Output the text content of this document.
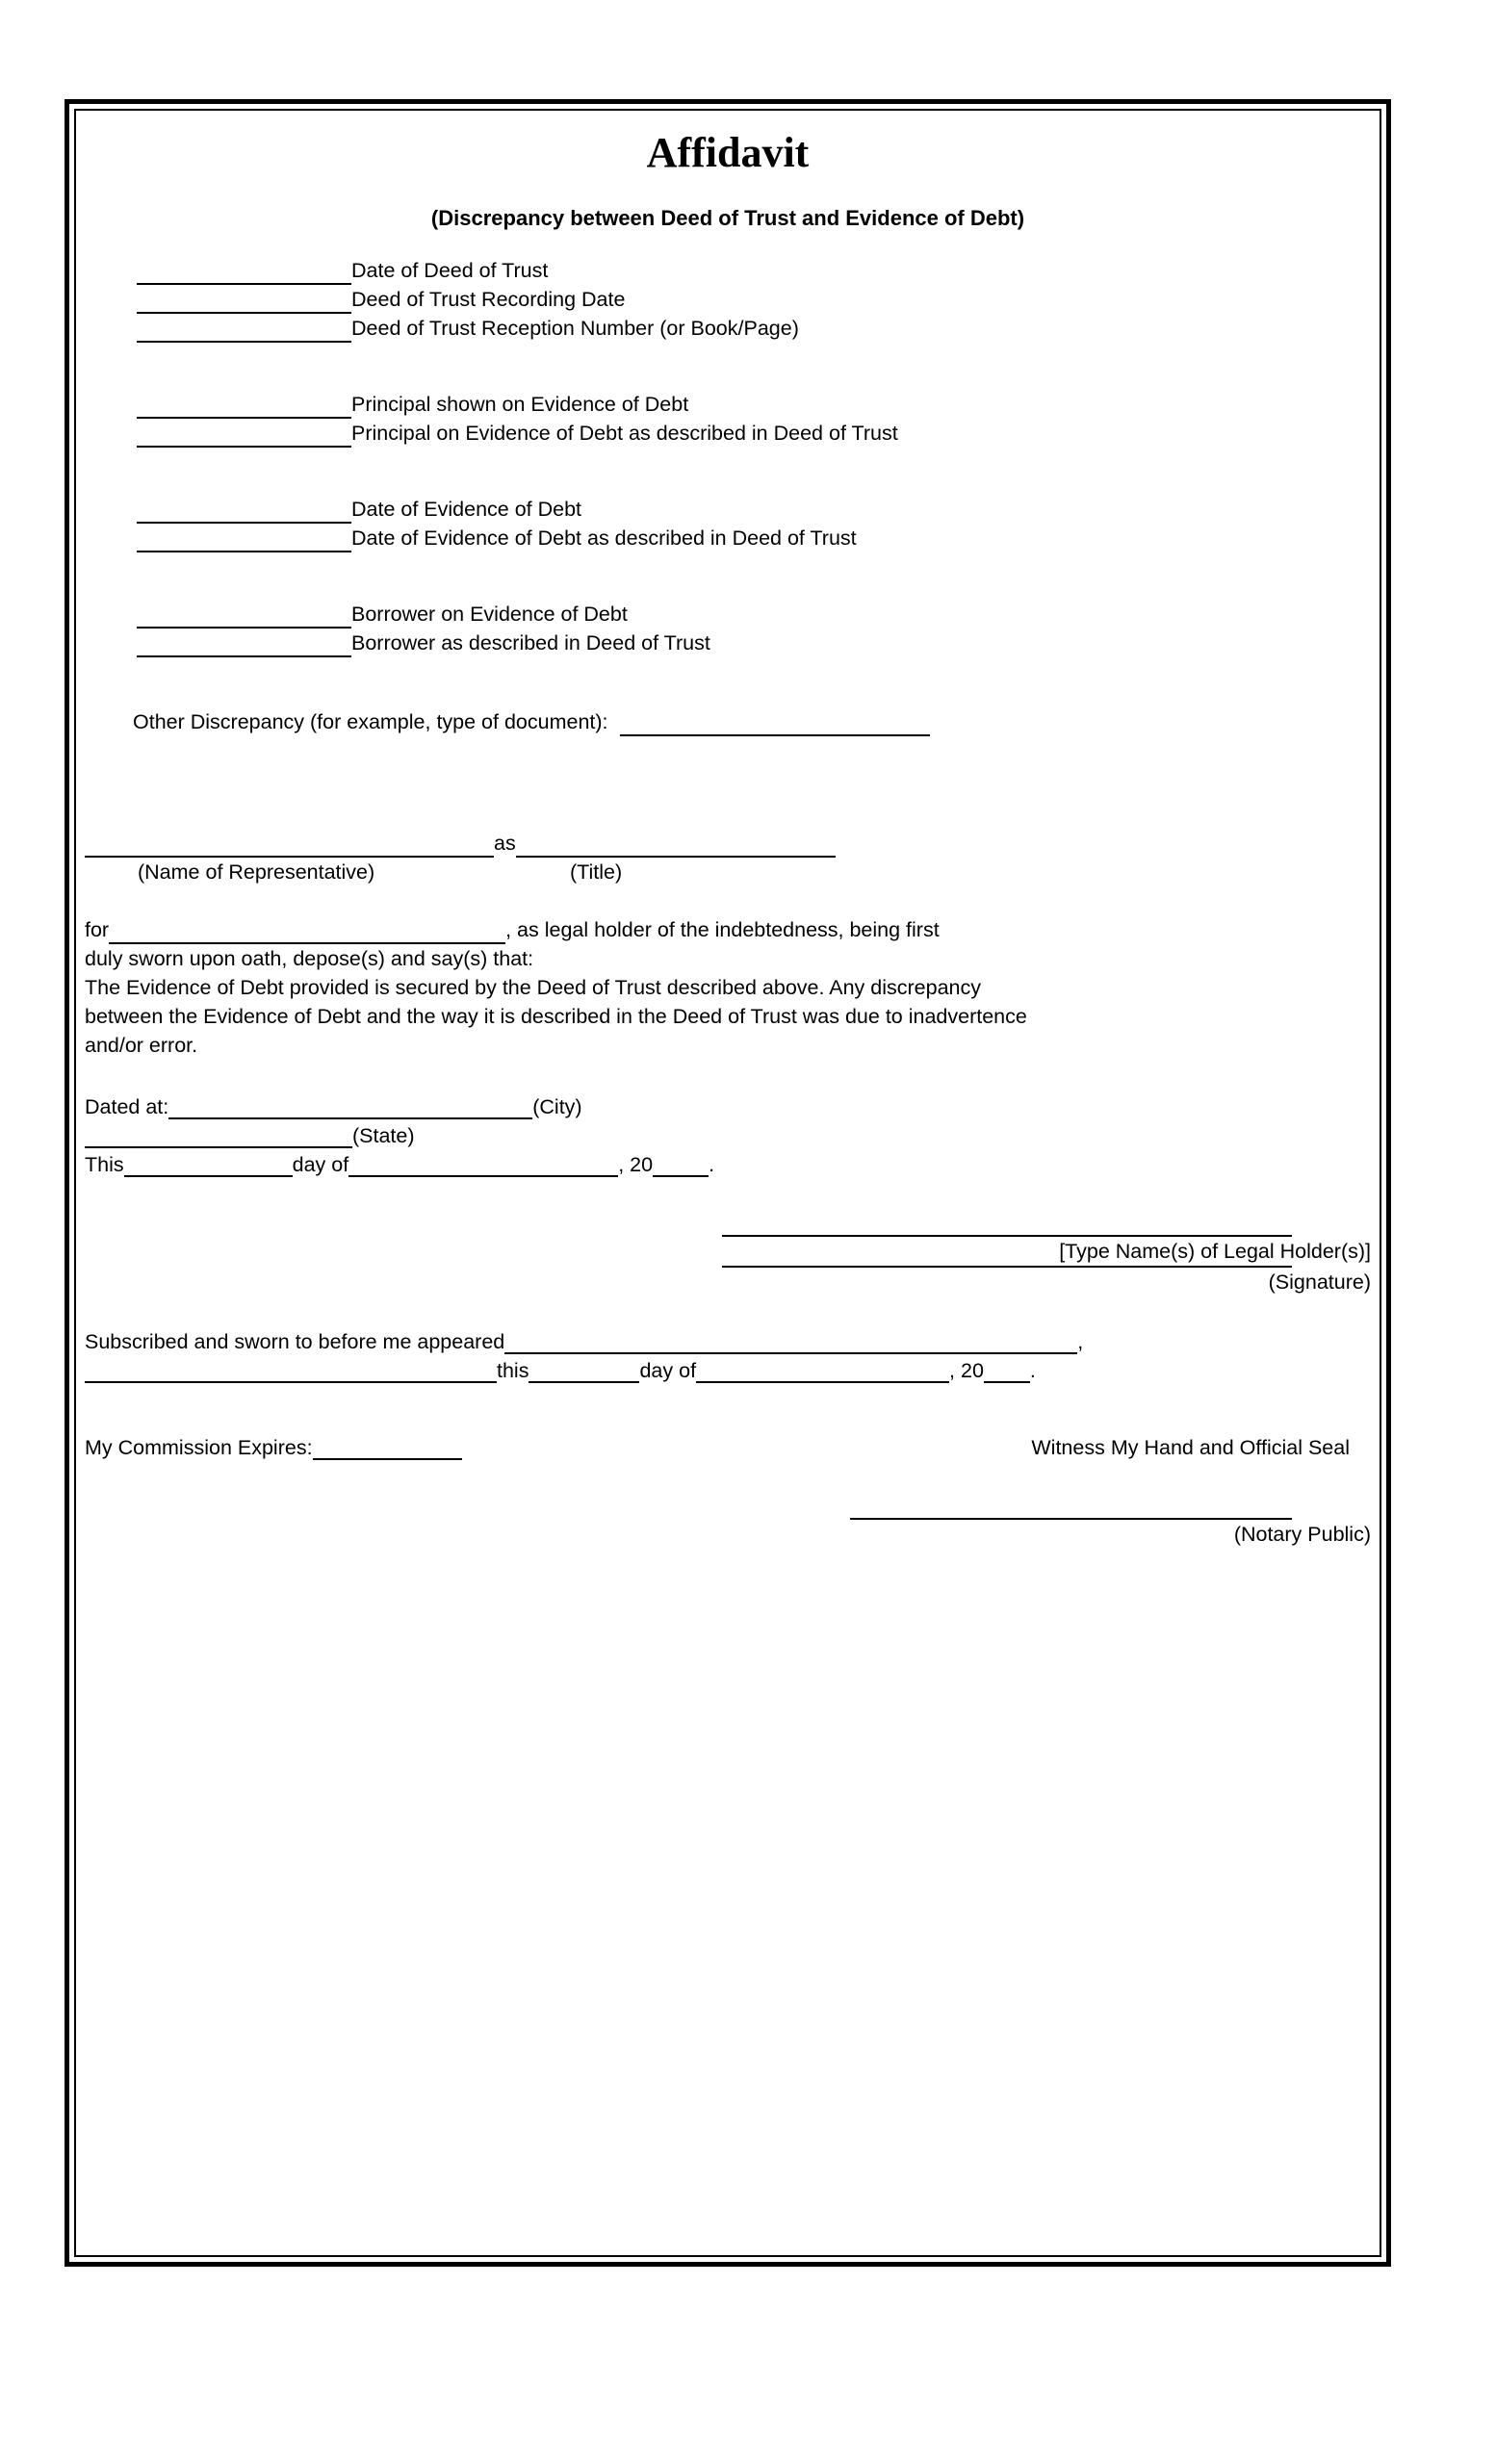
Affidavit
(Discrepancy between Deed of Trust and Evidence of Debt)
Date of Deed of Trust
Deed of Trust Recording Date
Deed of Trust Reception Number (or Book/Page)
Principal shown on Evidence of Debt
Principal on Evidence of Debt as described in Deed of Trust
Date of Evidence of Debt
Date of Evidence of Debt as described in Deed of Trust
Borrower on Evidence of Debt
Borrower as described in Deed of Trust
Other Discrepancy (for example, type of document):
as
(Name of Representative)	(Title)
for	, as legal holder of the indebtedness, being first
duly sworn upon oath, depose(s) and say(s) that:
The Evidence of Debt provided is secured by the Deed of Trust described above. Any discrepancy
between the Evidence of Debt and the way it is described in the Deed of Trust was due to inadvertence
and/or error.
Dated at:	(City)
(State)
This	day of	, 20	.
[Type Name(s) of Legal Holder(s)]
(Signature)
Subscribed and sworn to before me appeared	,
this	day of	, 20 .
My Commission Expires:	Witness My Hand and Official Seal
(Notary Public)
